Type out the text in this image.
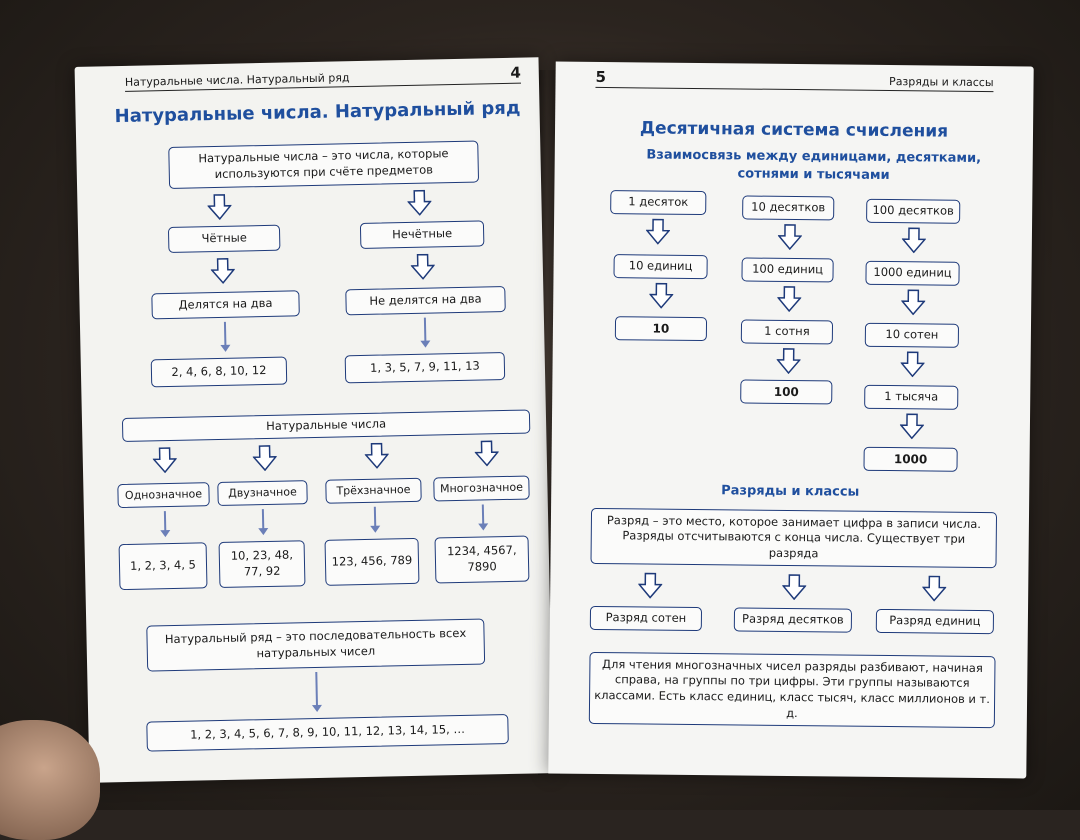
Натуральные числа. Натуральный ряд	4
Натуральные числа. Натуральный ряд
Натуральные числа – это числа, которые используются при счёте предметов
Чётные	Нечётные
Делятся на два	Не делятся на два
2, 4, 6, 8, 10, 12	1, 3, 5, 7, 9, 11, 13
Натуральные числа
Однозначное	Двузначное	Трёхзначное	Многозначное
1, 2, 3, 4, 5
10, 23, 48, 77, 92
123, 456, 789
1234, 4567, 7890
Натуральный ряд – это последовательность всех натуральных чисел
1, 2, 3, 4, 5, 6, 7, 8, 9, 10, 11, 12, 13, 14, 15, …
5	Разряды и классы
Десятичная система счисления
Взаимосвязь между единицами, десятками, сотнями и тысячами
1 десяток
10 единиц
10
10 десятков
100 единиц
1 сотня
100
100 десятков
1000 единиц
10 сотен
1 тысяча
1000
Разряды и классы
Разряд – это место, которое занимает цифра в записи числа. Разряды отсчитываются с конца числа. Существует три разряда
Разряд сотен	Разряд десятков	Разряд единиц
Для чтения многозначных чисел разряды разбивают, начиная справа, на группы по три цифры. Эти группы называются классами. Есть класс единиц, класс тысяч, класс миллионов и т. д.
